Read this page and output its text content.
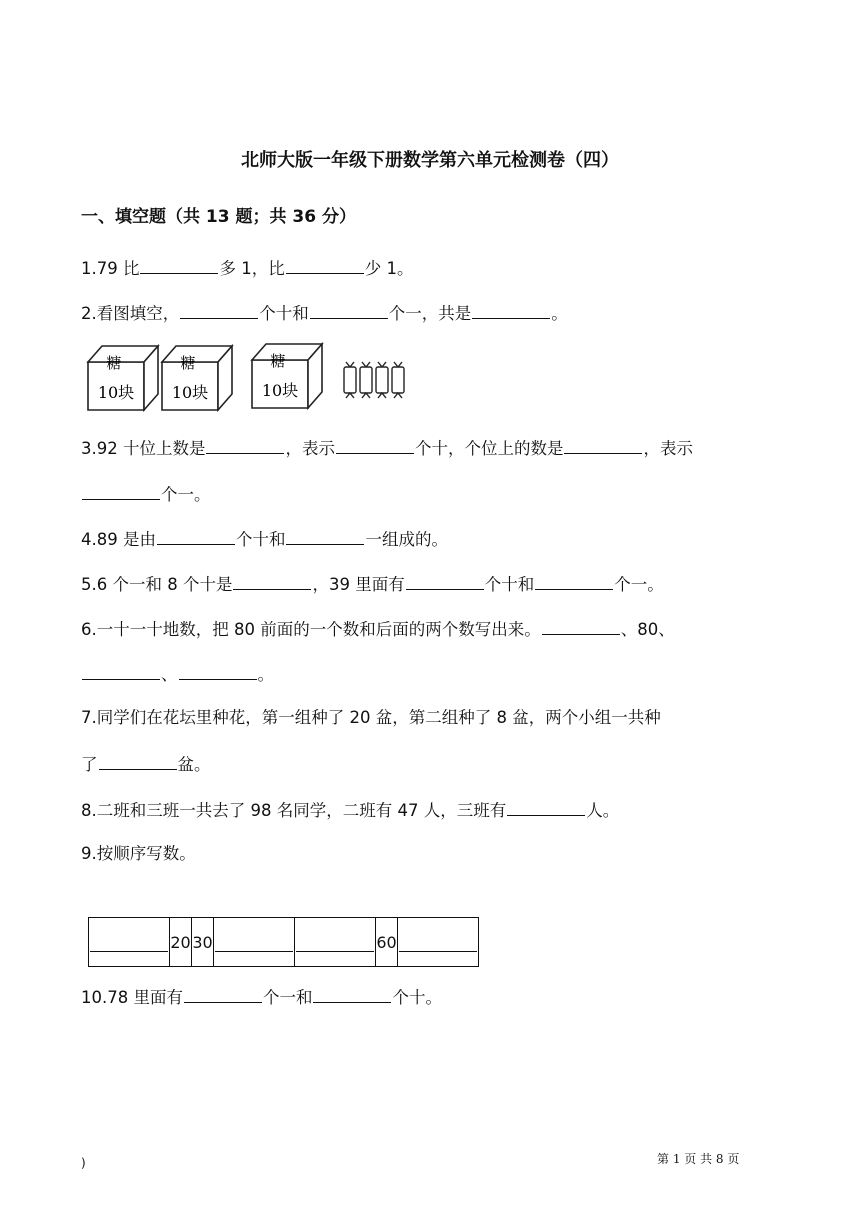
北师大版一年级下册数学第六单元检测卷（四）
一、填空题（共 13 题；共 36 分）
1.79 比	多 1，比	少 1。
2.看图填空，	个十和	个一，共是	。
糖
10块
糖
10块
糖
10块
3.92 十位上数是	，表示	个十，个位上的数是	，表示
个一。
4.89 是由	个十和	一组成的。
5.6 个一和 8 个十是	，39 里面有	个十和	个一。
6.一十一十地数，把 80 前面的一个数和后面的两个数写出来。	、80、
、	。
7.同学们在花坛里种花，第一组种了 20 盆，第二组种了 8 盆，两个小组一共种
了	盆。
8.二班和三班一共去了 98 名同学，二班有 47 人，三班有	人。
9.按顺序写数。
	20	30			60	
10.78 里面有	个一和	个十。
第 1 页 共 8 页
)
